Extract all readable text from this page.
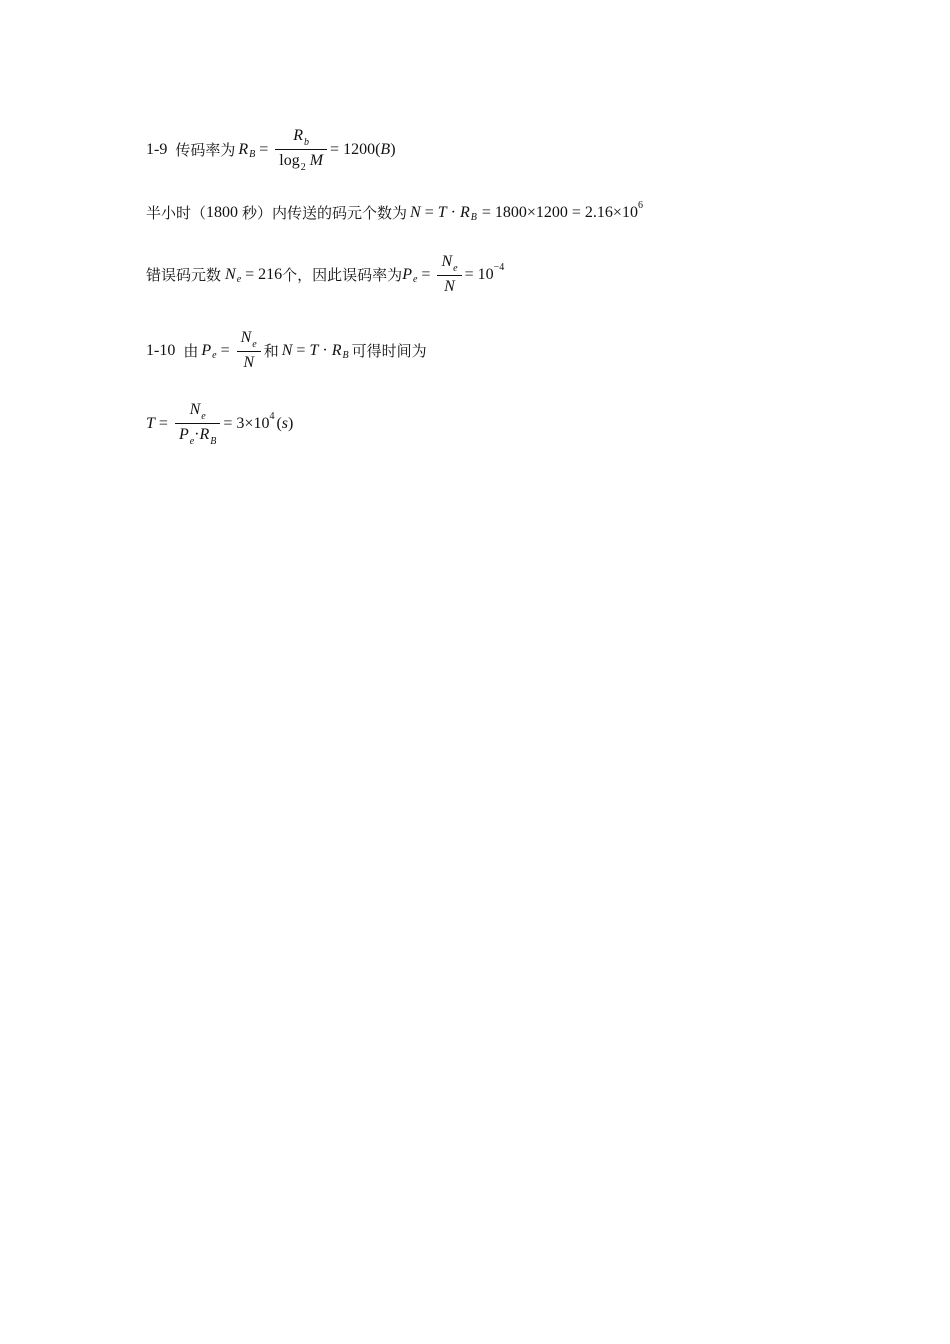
1-9 传码率为 R $B = \frac{R_b}{\log_2 M} = 1200$( B )
半小时（ 1800 秒）内传送的码元个数为 N = T · R B = 1800×1200 = 2.16×10 6
错误码元数 N e = 216 个，因此误码率为 P $e = \frac{N_e}{N} = 10 -4$
1-10 由 P $e = \frac{N_e}{N}$ 和 N = T · R B 可得时间为
$T = \frac{N_e}{P_e\cdot R_B} = 3\times 10$ 4 ( s )
